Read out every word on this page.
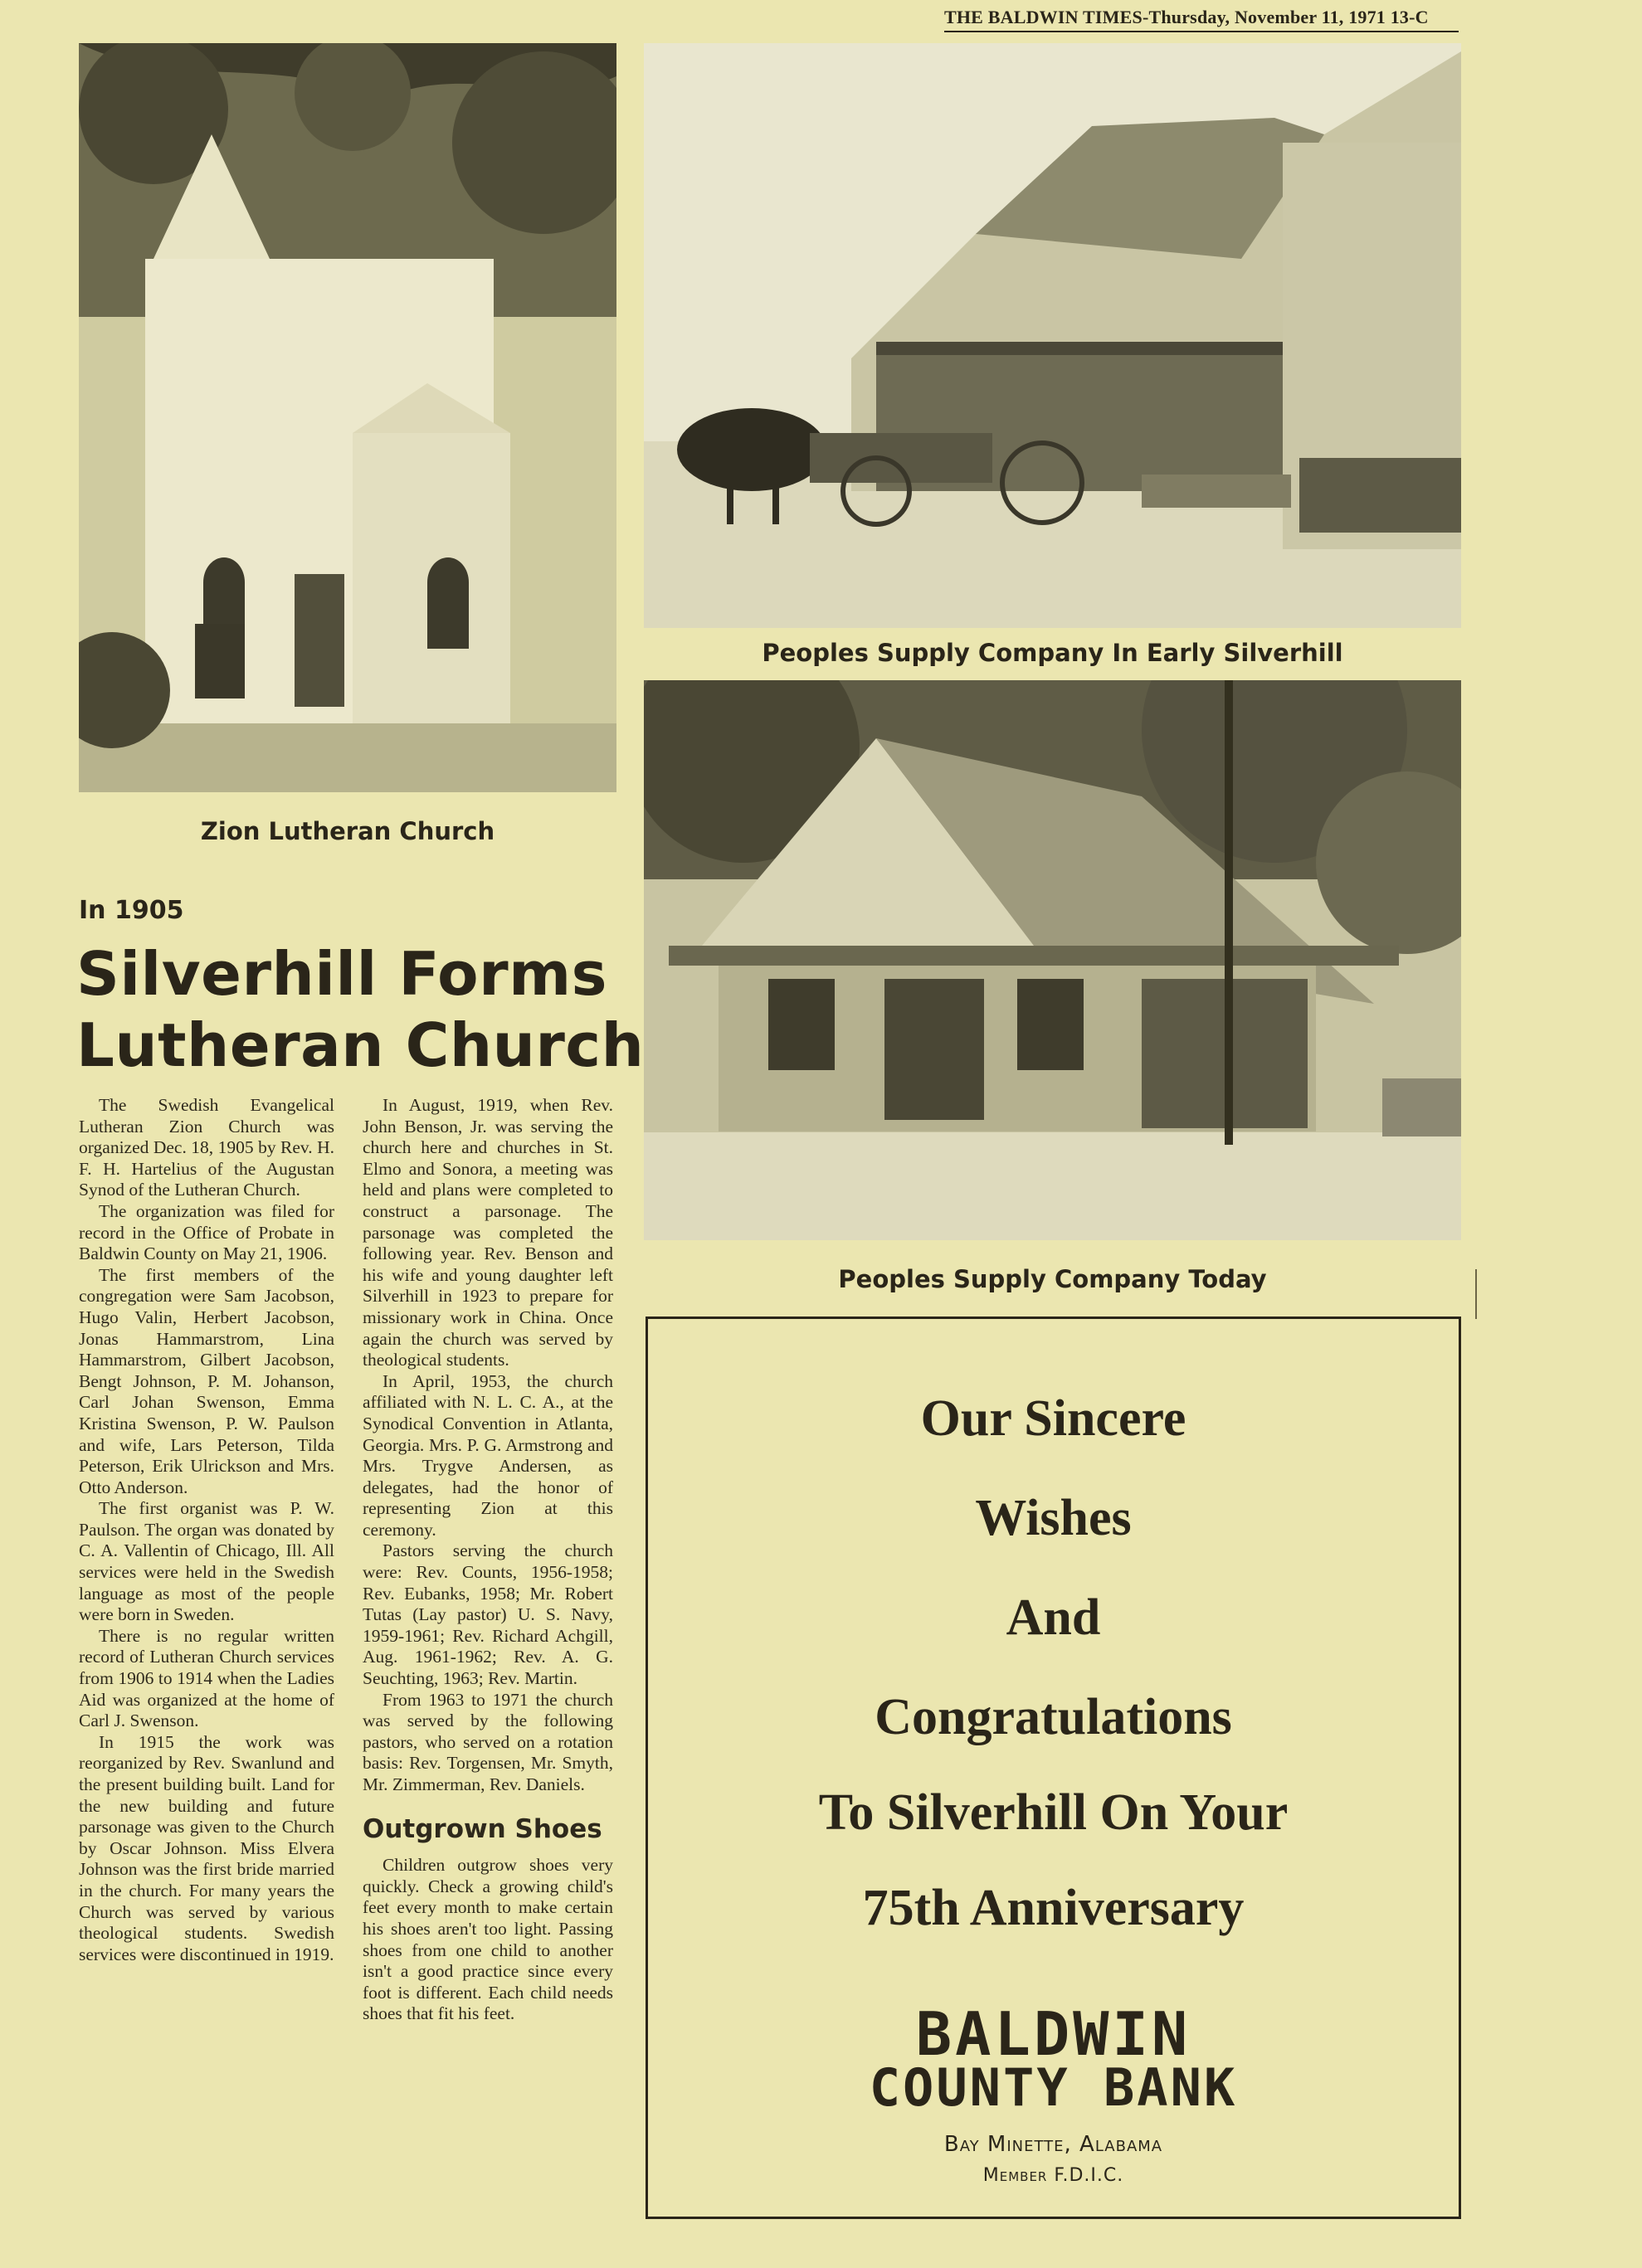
THE BALDWIN TIMES-Thursday, November 11, 1971 13-C
Zion Lutheran Church
Peoples Supply Company In Early Silverhill
Peoples Supply Company Today
In 1905
Silverhill Forms
Lutheran Church

The Swedish Evangelical Lutheran Zion Church was organized Dec. 18, 1905 by Rev. H. F. H. Hartelius of the Augustan Synod of the Lutheran Church.

The organization was filed for record in the Office of Probate in Baldwin County on May 21, 1906.

The first members of the congregation were Sam Jacobson, Hugo Valin, Herbert Jacobson, Jonas Hammarstrom, Lina Hammarstrom, Gilbert Jacobson, Bengt Johnson, P. M. Johanson, Carl Johan Swenson, Emma Kristina Swenson, P. W. Paulson and wife, Lars Peterson, Tilda Peterson, Erik Ulrickson and Mrs. Otto Anderson.

The first organist was P. W. Paulson. The organ was donated by C. A. Vallentin of Chicago, Ill. All services were held in the Swedish language as most of the people were born in Sweden.

There is no regular written record of Lutheran Church services from 1906 to 1914 when the Ladies Aid was organized at the home of Carl J. Swenson.

In 1915 the work was reorganized by Rev. Swanlund and the present building built. Land for the new building and future parsonage was given to the Church by Oscar Johnson. Miss Elvera Johnson was the first bride married in the church. For many years the Church was served by various theological students. Swedish services were discontinued in 1919.

In August, 1919, when Rev. John Benson, Jr. was serving the church here and churches in St. Elmo and Sonora, a meeting was held and plans were completed to construct a parsonage. The parsonage was completed the following year. Rev. Benson and his wife and young daughter left Silverhill in 1923 to prepare for missionary work in China. Once again the church was served by theological students.

In April, 1953, the church affiliated with N. L. C. A., at the Synodical Convention in Atlanta, Georgia. Mrs. P. G. Armstrong and Mrs. Trygve Andersen, as delegates, had the honor of representing Zion at this ceremony.

Pastors serving the church were: Rev. Counts, 1956-1958; Rev. Eubanks, 1958; Mr. Robert Tutas (Lay pastor) U. S. Navy, 1959-1961; Rev. Richard Achgill, Aug. 1961-1962; Rev. A. G. Seuchting, 1963; Rev. Martin.

From 1963 to 1971 the church was served by the following pastors, who served on a rotation basis: Rev. Torgensen, Mr. Smyth, Mr. Zimmerman, Rev. Daniels.

Outgrown Shoes

Children outgrow shoes very quickly. Check a growing child's feet every month to make certain his shoes aren't too light. Passing shoes from one child to another isn't a good practice since every foot is different. Each child needs shoes that fit his feet.

Our Sincere
Wishes
And
Congratulations
To Silverhill On Your
75th Anniversary
BALDWIN
COUNTY BANK
Bay Minette, Alabama
Member F.D.I.C.
